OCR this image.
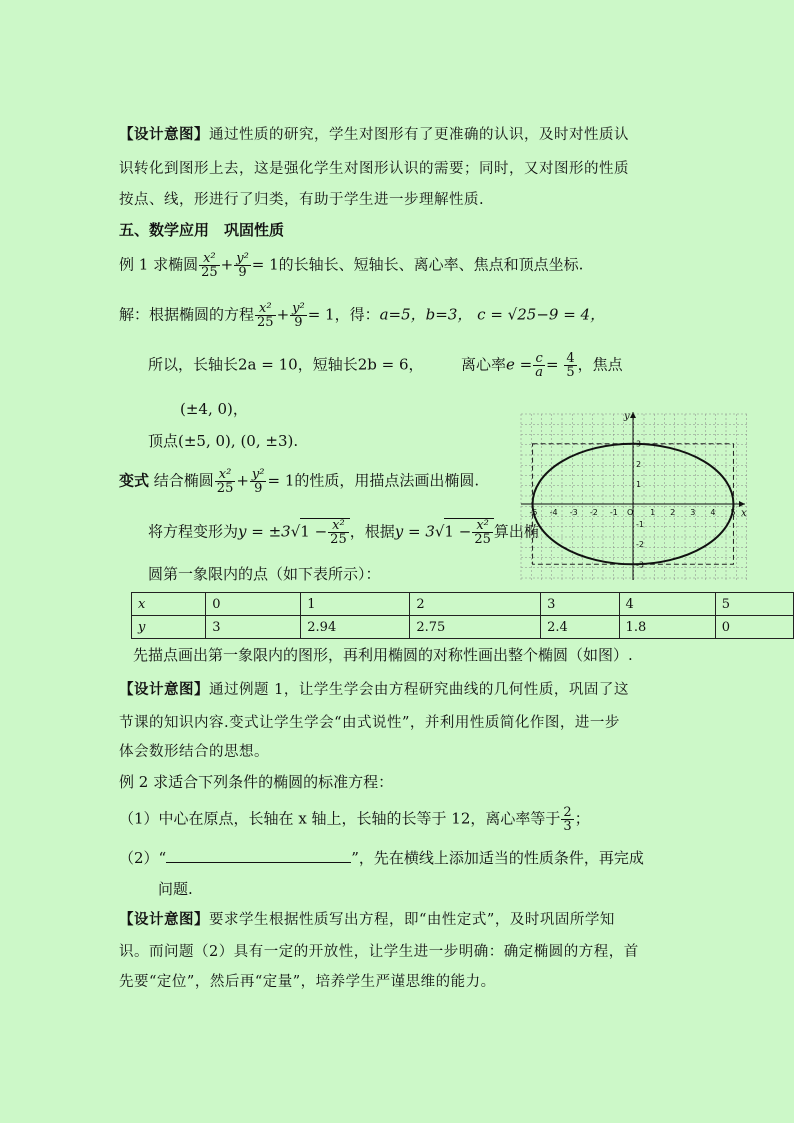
【设计意图】通过性质的研究，学生对图形有了更准确的认识，及时对性质认
识转化到图形上去，这是强化学生对图形认识的需要；同时，又对图形的性质
按点、线，形进行了归类，有助于学生进一步理解性质.
五、数学应用　巩固性质
例 1 求椭圆 $\frac{\text{x²}}{25} + \frac{\text{y²}}{9} = 1$的长轴长、短轴长、离心率、焦点和顶点坐标.
解：根据椭圆的方程 $\frac{\text{x²}}{25} + \frac{\text{y²}}{9} = 1$，得：a=5，b=3， c = √25−9 = 4，
所以，长轴长2a = 10，短轴长2b = 6，　　　离心率$e = \frac{c}{a} = \frac{4}{5}$ ，焦点
(±4, 0)，
顶点(±5, 0), (0, ±3).
变式 结合椭圆 $\frac{\text{x²}}{25} + \frac{\text{y²}}{9} = 1$的性质，用描点法画出椭圆.
将方程变形为$y = \pm 3√1 - \frac{\text{x²}}{25}$ ，根据$y = 3√1 - \frac{\text{x²}}{25}$ 算出椭
圆第一象限内的点（如下表所示）：
-5 -4 -3 -2 -1 O 1 2 3 4 5
3
2
1
-1
-2
-3
x
y
x	0	1	2	3	4	5
y	3	2.94	2.75	2.4	1.8	0
先描点画出第一象限内的图形，再利用椭圆的对称性画出整个椭圆（如图）.
【设计意图】通过例题 1，让学生学会由方程研究曲线的几何性质，巩固了这
节课的知识内容.变式让学生学会“由式说性”，并利用性质简化作图，进一步
体会数形结合的思想。
例 2 求适合下列条件的椭圆的标准方程：
（1）中心在原点，长轴在 x 轴上，长轴的长等于 12，离心率等于 $\frac{2}{3}$ ；
（2）“	”，先在横线上添加适当的性质条件，再完成
问题.
【设计意图】要求学生根据性质写出方程，即“由性定式”，及时巩固所学知
识。而问题（2）具有一定的开放性，让学生进一步明确：确定椭圆的方程，首
先要“定位”，然后再“定量”，培养学生严谨思维的能力。
